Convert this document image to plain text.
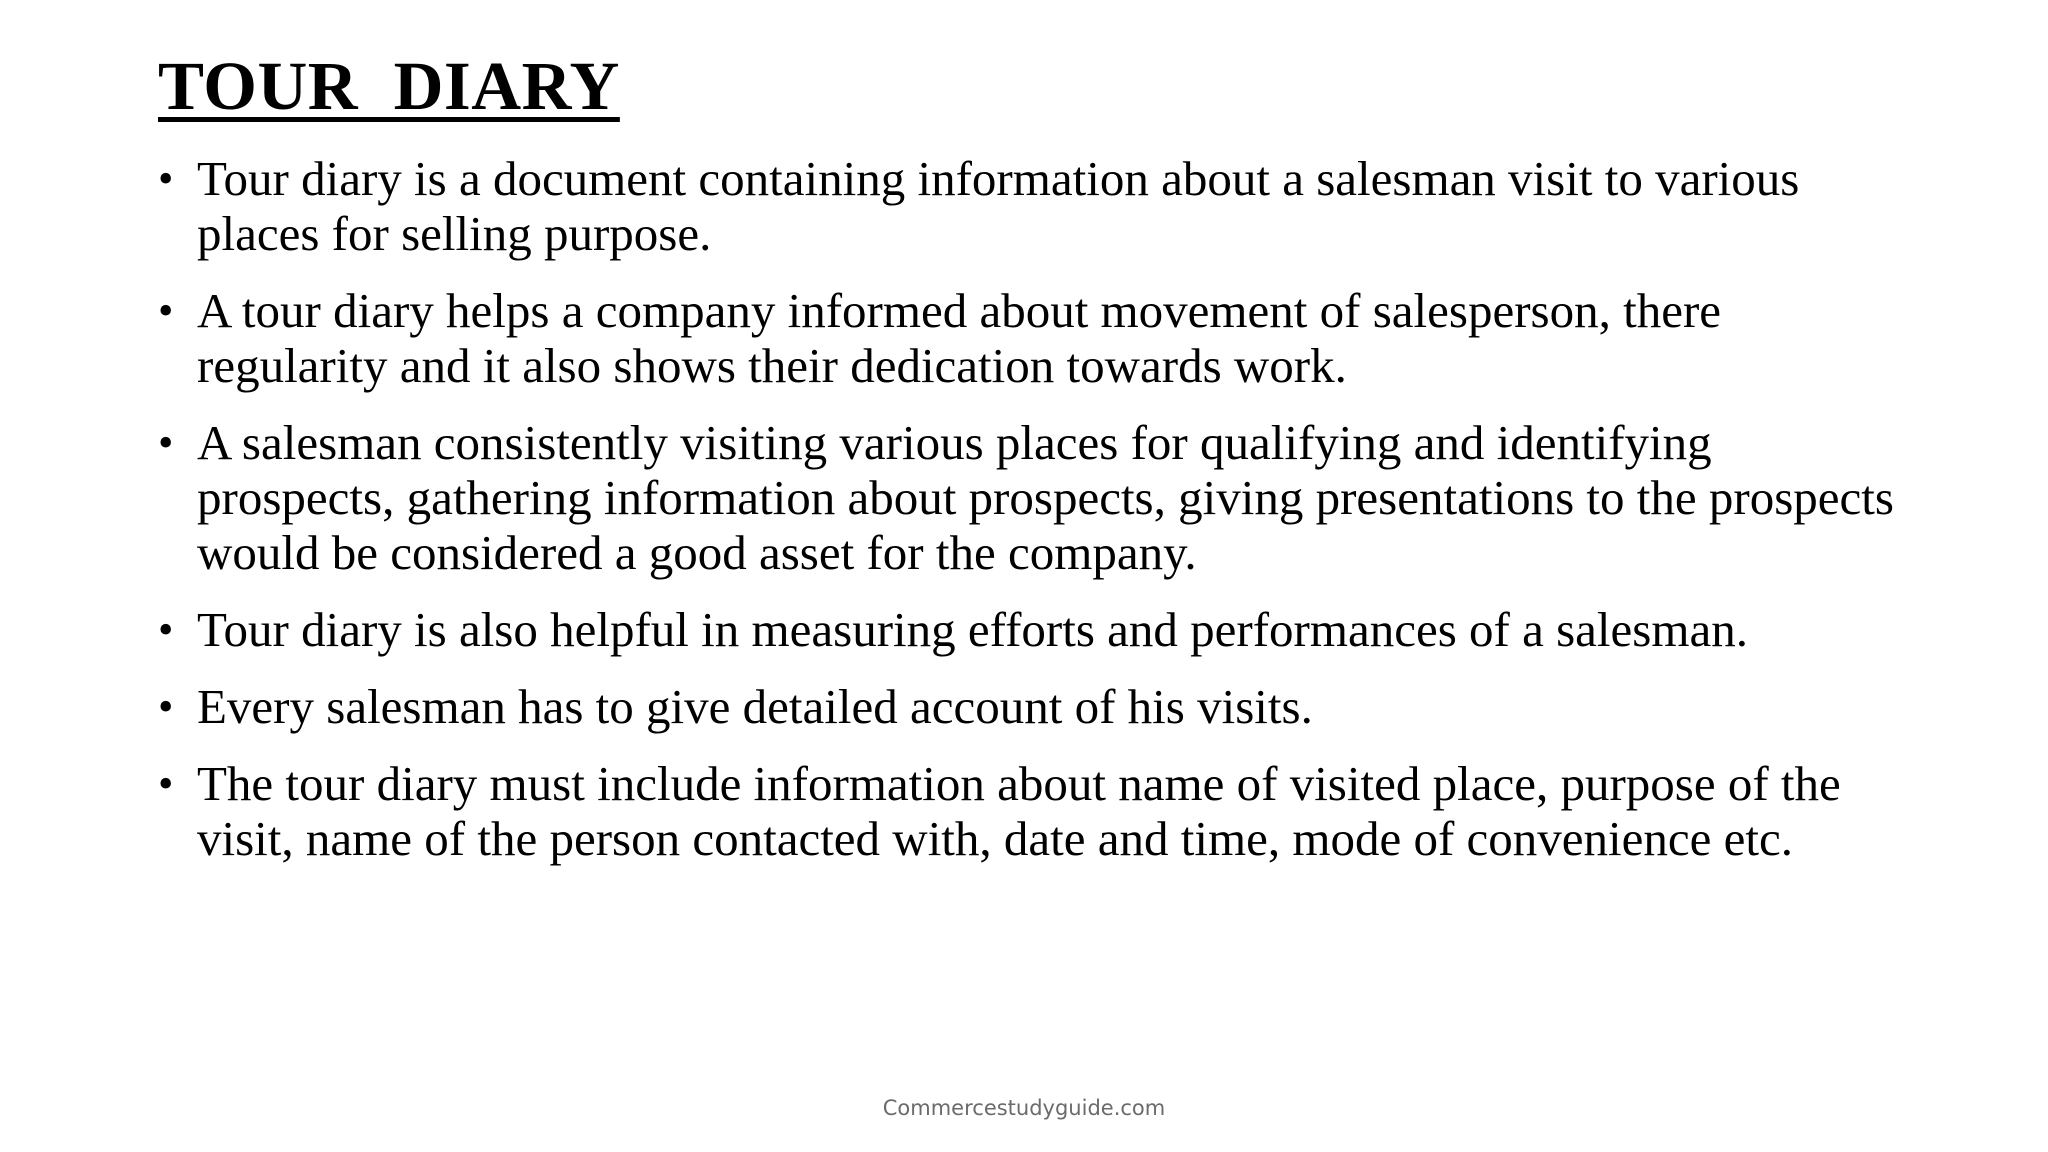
TOUR  DIARY
• Tour diary is a document containing information about a salesman visit to various places for selling purpose.
• A tour diary helps a company informed about movement of salesperson, there regularity and it also shows their dedication towards work.
• A salesman consistently visiting various places for qualifying and identifying prospects, gathering information about prospects, giving presentations to the prospects would be considered a good asset for the company.
• Tour diary is also helpful in measuring efforts and performances of a salesman.
• Every salesman has to give detailed account of his visits.
• The tour diary must include information about name of visited place, purpose of the visit, name of the person contacted with, date and time, mode of convenience etc.
Commercestudyguide.com
